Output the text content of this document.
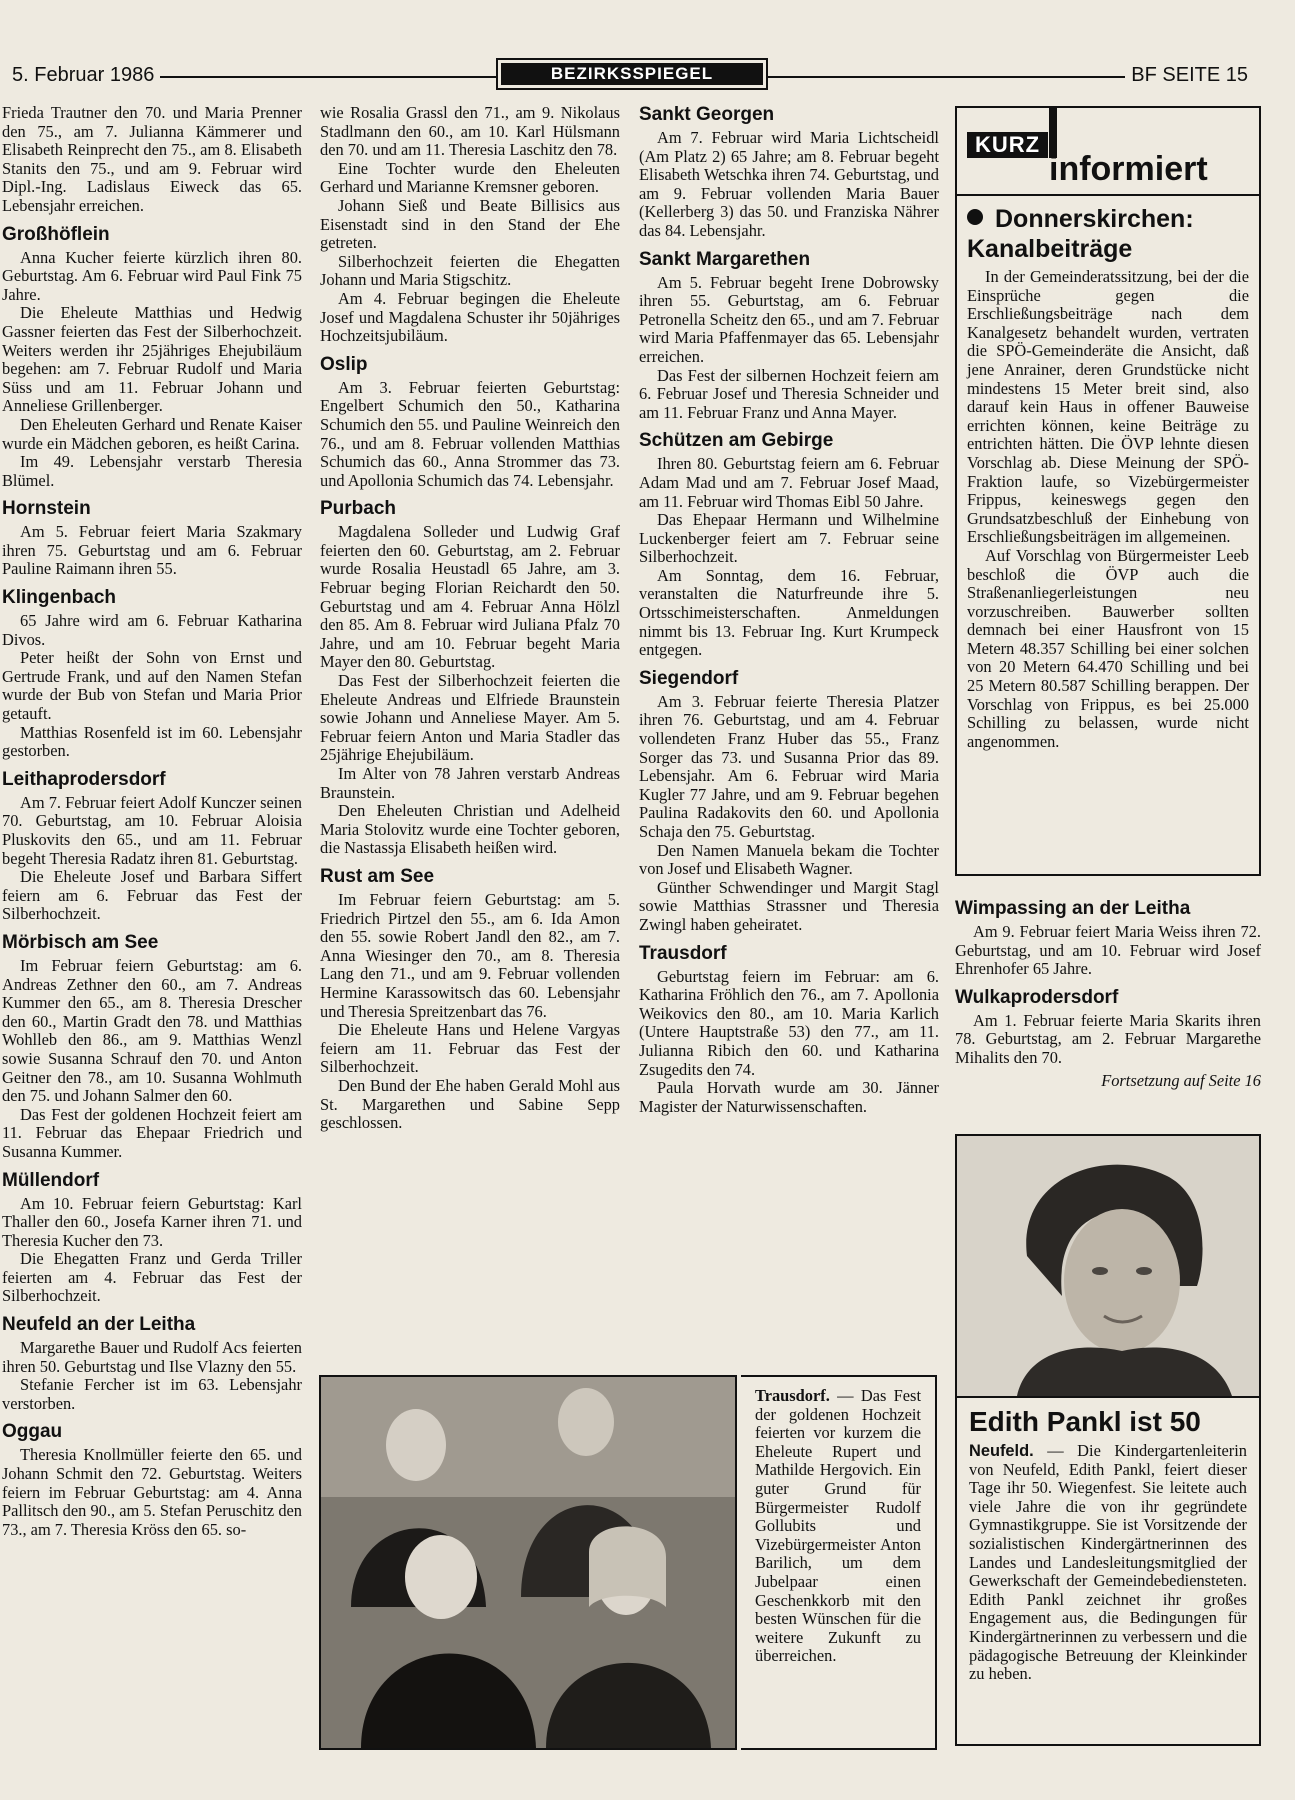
5. Februar 1986	BEZIRKSSPIEGEL	BF SEITE 15

Frieda Trautner den 70. und Maria Prenner den 75., am 7. Julianna Kämmerer und Elisabeth Reinprecht den 75., am 8. Elisabeth Stanits den 75., und am 9. Februar wird Dipl.-Ing. Ladislaus Eiweck das 65. Lebensjahr erreichen.

Großhöflein

Anna Kucher feierte kürzlich ihren 80. Geburtstag. Am 6. Februar wird Paul Fink 75 Jahre.

Die Eheleute Matthias und Hedwig Gassner feierten das Fest der Silberhochzeit. Weiters werden ihr 25jähriges Ehejubiläum begehen: am 7. Februar Rudolf und Maria Süss und am 11. Februar Johann und Anneliese Grillenberger.

Den Eheleuten Gerhard und Renate Kaiser wurde ein Mädchen geboren, es heißt Carina.

Im 49. Lebensjahr verstarb Theresia Blümel.

Hornstein

Am 5. Februar feiert Maria Szakmary ihren 75. Geburtstag und am 6. Februar Pauline Raimann ihren 55.

Klingenbach

65 Jahre wird am 6. Februar Katharina Divos.

Peter heißt der Sohn von Ernst und Gertrude Frank, und auf den Namen Stefan wurde der Bub von Stefan und Maria Prior getauft.

Matthias Rosenfeld ist im 60. Lebensjahr gestorben.

Leithaprodersdorf

Am 7. Februar feiert Adolf Kunczer seinen 70. Geburtstag, am 10. Februar Aloisia Pluskovits den 65., und am 11. Februar begeht Theresia Radatz ihren 81. Geburtstag.

Die Eheleute Josef und Barbara Siffert feiern am 6. Februar das Fest der Silberhochzeit.

Mörbisch am See

Im Februar feiern Geburtstag: am 6. Andreas Zethner den 60., am 7. Andreas Kummer den 65., am 8. Theresia Drescher den 60., Martin Gradt den 78. und Matthias Wohlleb den 86., am 9. Matthias Wenzl sowie Susanna Schrauf den 70. und Anton Geitner den 78., am 10. Susanna Wohlmuth den 75. und Johann Salmer den 60.

Das Fest der goldenen Hochzeit feiert am 11. Februar das Ehepaar Friedrich und Susanna Kummer.

Müllendorf

Am 10. Februar feiern Geburtstag: Karl Thaller den 60., Josefa Karner ihren 71. und Theresia Kucher den 73.

Die Ehegatten Franz und Gerda Triller feierten am 4. Februar das Fest der Silberhochzeit.

Neufeld an der Leitha

Margarethe Bauer und Rudolf Acs feierten ihren 50. Geburtstag und Ilse Vlazny den 55.

Stefanie Fercher ist im 63. Lebensjahr verstorben.

Oggau

Theresia Knollmüller feierte den 65. und Johann Schmit den 72. Geburtstag. Weiters feiern im Februar Geburtstag: am 4. Anna Pallitsch den 90., am 5. Stefan Peruschitz den 73., am 7. Theresia Kröss den 65. so-

wie Rosalia Grassl den 71., am 9. Nikolaus Stadlmann den 60., am 10. Karl Hülsmann den 70. und am 11. Theresia Laschitz den 78.

Eine Tochter wurde den Eheleuten Gerhard und Marianne Kremsner geboren.

Johann Sieß und Beate Billisics aus Eisenstadt sind in den Stand der Ehe getreten.

Silberhochzeit feierten die Ehegatten Johann und Maria Stigschitz.

Am 4. Februar begingen die Eheleute Josef und Magdalena Schuster ihr 50jähriges Hochzeitsjubiläum.

Oslip

Am 3. Februar feierten Geburtstag: Engelbert Schumich den 50., Katharina Schumich den 55. und Pauline Weinreich den 76., und am 8. Februar vollenden Matthias Schumich das 60., Anna Strommer das 73. und Apollonia Schumich das 74. Lebensjahr.

Purbach

Magdalena Solleder und Ludwig Graf feierten den 60. Geburtstag, am 2. Februar wurde Rosalia Heustadl 65 Jahre, am 3. Februar beging Florian Reichardt den 50. Geburtstag und am 4. Februar Anna Hölzl den 85. Am 8. Februar wird Juliana Pfalz 70 Jahre, und am 10. Februar begeht Maria Mayer den 80. Geburtstag.

Das Fest der Silberhochzeit feierten die Eheleute Andreas und Elfriede Braunstein sowie Johann und Anneliese Mayer. Am 5. Februar feiern Anton und Maria Stadler das 25jährige Ehejubiläum.

Im Alter von 78 Jahren verstarb Andreas Braunstein.

Den Eheleuten Christian und Adelheid Maria Stolovitz wurde eine Tochter geboren, die Nastassja Elisabeth heißen wird.

Rust am See

Im Februar feiern Geburtstag: am 5. Friedrich Pirtzel den 55., am 6. Ida Amon den 55. sowie Robert Jandl den 82., am 7. Anna Wiesinger den 70., am 8. Theresia Lang den 71., und am 9. Februar vollenden Hermine Karassowitsch das 60. Lebensjahr und Theresia Spreitzenbart das 76.

Die Eheleute Hans und Helene Vargyas feiern am 11. Februar das Fest der Silberhochzeit.

Den Bund der Ehe haben Gerald Mohl aus St. Margarethen und Sabine Sepp geschlossen.

Sankt Georgen

Am 7. Februar wird Maria Lichtscheidl (Am Platz 2) 65 Jahre; am 8. Februar begeht Elisabeth Wetschka ihren 74. Geburtstag, und am 9. Februar vollenden Maria Bauer (Kellerberg 3) das 50. und Franziska Nährer das 84. Lebensjahr.

Sankt Margarethen

Am 5. Februar begeht Irene Dobrowsky ihren 55. Geburtstag, am 6. Februar Petronella Scheitz den 65., und am 7. Februar wird Maria Pfaffenmayer das 65. Lebensjahr erreichen.

Das Fest der silbernen Hochzeit feiern am 6. Februar Josef und Theresia Schneider und am 11. Februar Franz und Anna Mayer.

Schützen am Gebirge

Ihren 80. Geburtstag feiern am 6. Februar Adam Mad und am 7. Februar Josef Maad, am 11. Februar wird Thomas Eibl 50 Jahre.

Das Ehepaar Hermann und Wilhelmine Luckenberger feiert am 7. Februar seine Silberhochzeit.

Am Sonntag, dem 16. Februar, veranstalten die Naturfreunde ihre 5. Ortsschimeisterschaften. Anmeldungen nimmt bis 13. Februar Ing. Kurt Krumpeck entgegen.

Siegendorf

Am 3. Februar feierte Theresia Platzer ihren 76. Geburtstag, und am 4. Februar vollendeten Franz Huber das 55., Franz Sorger das 73. und Susanna Prior das 89. Lebensjahr. Am 6. Februar wird Maria Kugler 77 Jahre, und am 9. Februar begehen Paulina Radakovits den 60. und Apollonia Schaja den 75. Geburtstag.

Den Namen Manuela bekam die Tochter von Josef und Elisabeth Wagner.

Günther Schwendinger und Margit Stagl sowie Matthias Strassner und Theresia Zwingl haben geheiratet.

Trausdorf

Geburtstag feiern im Februar: am 6. Katharina Fröhlich den 76., am 7. Apollonia Weikovics den 80., am 10. Maria Karlich (Untere Hauptstraße 53) den 77., am 11. Julianna Ribich den 60. und Katharina Zsugedits den 74.

Paula Horvath wurde am 30. Jänner Magister der Naturwissenschaften.

KURZ
informiert
Donnerskirchen: Kanalbeiträge

In der Gemeinderatssitzung, bei der die Einsprüche gegen die Erschließungsbeiträge nach dem Kanalgesetz behandelt wurden, vertraten die SPÖ-Gemeinderäte die Ansicht, daß jene Anrainer, deren Grundstücke nicht mindestens 15 Meter breit sind, also darauf kein Haus in offener Bauweise errichten können, keine Beiträge zu entrichten hätten. Die ÖVP lehnte diesen Vorschlag ab. Diese Meinung der SPÖ-Fraktion laufe, so Vizebürgermeister Frippus, keineswegs gegen den Grundsatzbeschluß der Einhebung von Erschließungsbeiträgen im allgemeinen.

Auf Vorschlag von Bürgermeister Leeb beschloß die ÖVP auch die Straßenanliegerleistungen neu vorzuschreiben. Bauwerber sollten demnach bei einer Hausfront von 15 Metern 48.357 Schilling bei einer solchen von 20 Metern 64.470 Schilling und bei 25 Metern 80.587 Schilling berappen. Der Vorschlag von Frippus, es bei 25.000 Schilling zu belassen, wurde nicht angenommen.

Wimpassing an der Leitha

Am 9. Februar feiert Maria Weiss ihren 72. Geburtstag, und am 10. Februar wird Josef Ehrenhofer 65 Jahre.

Wulkaprodersdorf

Am 1. Februar feierte Maria Skarits ihren 78. Geburtstag, am 2. Februar Margarethe Mihalits den 70.

Fortsetzung auf Seite 16

Edith Pankl ist 50

Neufeld. — Die Kindergartenleiterin von Neufeld, Edith Pankl, feiert dieser Tage ihr 50. Wiegenfest. Sie leitete auch viele Jahre die von ihr gegründete Gymnastikgruppe. Sie ist Vorsitzende der sozialistischen Kindergärtnerinnen des Landes und Landesleitungsmitglied der Gewerkschaft der Gemeindebediensteten. Edith Pankl zeichnet ihr großes Engagement aus, die Bedingungen für Kindergärtnerinnen zu verbessern und die pädagogische Betreuung der Kleinkinder zu heben.

Trausdorf. — Das Fest der goldenen Hochzeit feierten vor kurzem die Eheleute Rupert und Mathilde Hergovich. Ein guter Grund für Bürgermeister Rudolf Gollubits und Vizebürgermeister Anton Barilich, um dem Jubelpaar einen Geschenkkorb mit den besten Wünschen für die weitere Zukunft zu überreichen.
